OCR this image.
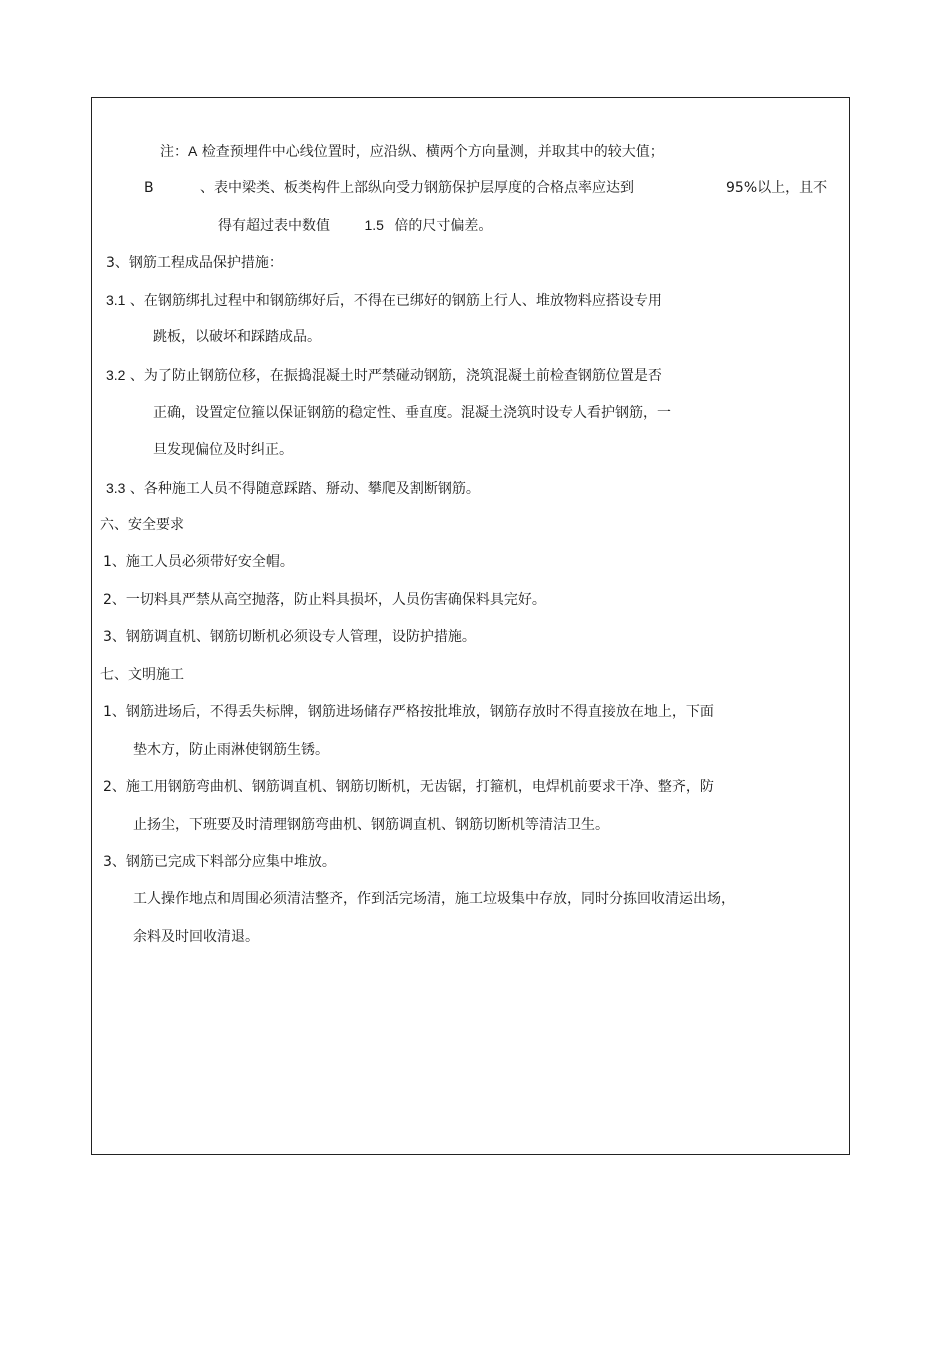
注：A 检查预埋件中心线位置时，应沿纵、横两个方向量测，并取其中的较大值；
B	、表中梁类、板类构件上部纵向受力钢筋保护层厚度的合格点率应达到	95%以上，且不
得有超过表中数值 1.5 倍的尺寸偏差。
3、钢筋工程成品保护措施：
3.1 、在钢筋绑扎过程中和钢筋绑好后，不得在已绑好的钢筋上行人、堆放物料应搭设专用
跳板，以破坏和踩踏成品。
3.2 、为了防止钢筋位移，在振捣混凝土时严禁碰动钢筋，浇筑混凝土前检查钢筋位置是否
正确，设置定位箍以保证钢筋的稳定性、垂直度。混凝土浇筑时设专人看护钢筋，一
旦发现偏位及时纠正。
3.3 、各种施工人员不得随意踩踏、掰动、攀爬及割断钢筋。
六、安全要求
1、施工人员必须带好安全帽。
2、一切料具严禁从高空抛落，防止料具损坏，人员伤害确保料具完好。
3、钢筋调直机、钢筋切断机必须设专人管理，设防护措施。
七、文明施工
1、钢筋进场后，不得丢失标牌，钢筋进场储存严格按批堆放，钢筋存放时不得直接放在地上，下面
垫木方，防止雨淋使钢筋生锈。
2、施工用钢筋弯曲机、钢筋调直机、钢筋切断机，无齿锯，打箍机，电焊机前要求干净、整齐，防
止扬尘，下班要及时清理钢筋弯曲机、钢筋调直机、钢筋切断机等清洁卫生。
3、钢筋已完成下料部分应集中堆放。
工人操作地点和周围必须清洁整齐，作到活完场清，施工垃圾集中存放，同时分拣回收清运出场，
余料及时回收清退。
